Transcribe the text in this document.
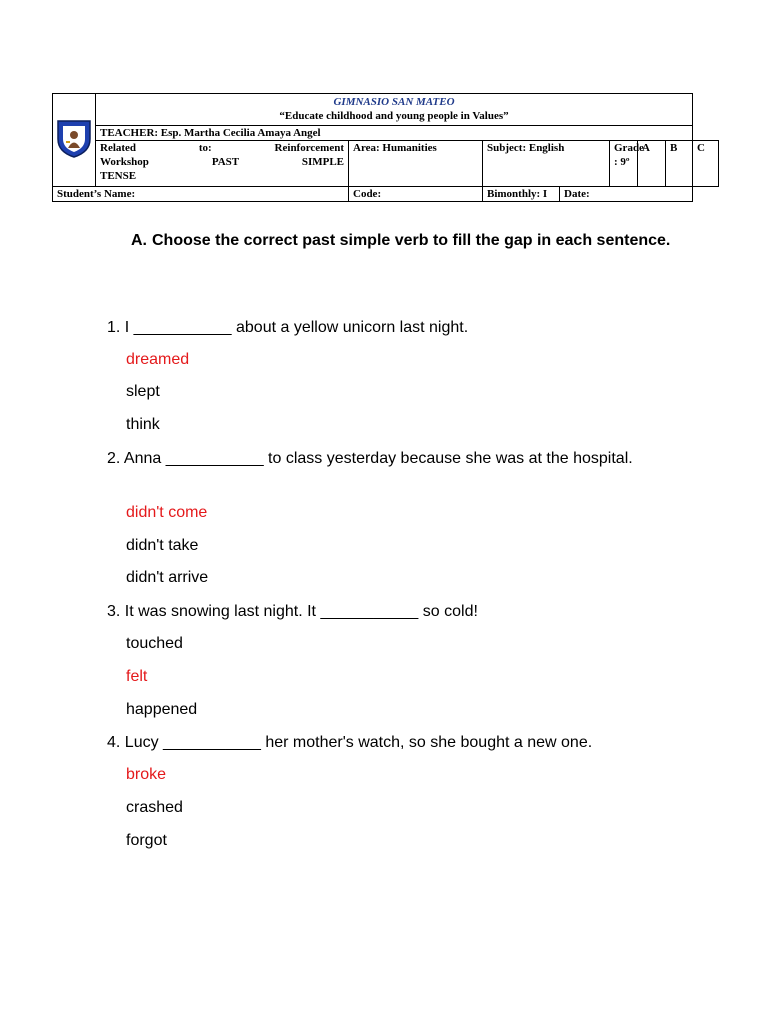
GIMNASIO SAN MATEO
“Educate childhood and young people in Values”							

	TEACHER: Esp. Martha Cecilia Amaya Angel							

	Related to: Reinforcement
Workshop PAST SIMPLE
TENSE	Area: Humanities	Subject: English		Grade : 9º	A	B	C
Student’s Name:		Code:	Bimonthly: I	Date:				
A. Choose the correct past simple verb to fill the gap in each sentence.
1. I ___________ about a yellow unicorn last night.
dreamed
slept
think
2. Anna ___________ to class yesterday because she was at the hospital.
didn't come
didn't take
didn't arrive
3. It was snowing last night. It ___________ so cold!
touched
felt
happened
4. Lucy ___________ her mother's watch, so she bought a new one.
broke
crashed
forgot
